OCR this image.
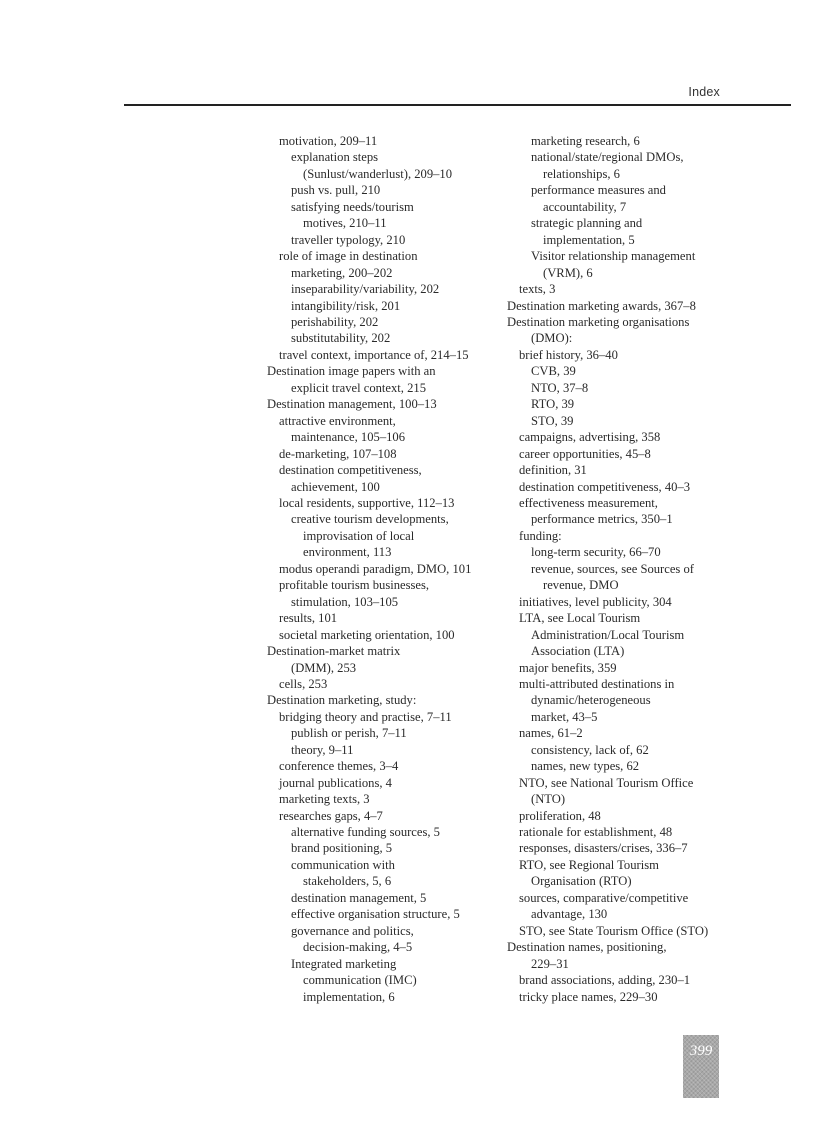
Index
motivation, 209–11
explanation steps
(Sunlust/wanderlust), 209–10
push vs. pull, 210
satisfying needs/tourism
motives, 210–11
traveller typology, 210
role of image in destination
marketing, 200–202
inseparability/variability, 202
intangibility/risk, 201
perishability, 202
substitutability, 202
travel context, importance of, 214–15
Destination image papers with an
explicit travel context, 215
Destination management, 100–13
attractive environment,
maintenance, 105–106
de-marketing, 107–108
destination competitiveness,
achievement, 100
local residents, supportive, 112–13
creative tourism developments,
improvisation of local
environment, 113
modus operandi paradigm, DMO, 101
profitable tourism businesses,
stimulation, 103–105
results, 101
societal marketing orientation, 100
Destination-market matrix
(DMM), 253
cells, 253
Destination marketing, study:
bridging theory and practise, 7–11
publish or perish, 7–11
theory, 9–11
conference themes, 3–4
journal publications, 4
marketing texts, 3
researches gaps, 4–7
alternative funding sources, 5
brand positioning, 5
communication with
stakeholders, 5, 6
destination management, 5
effective organisation structure, 5
governance and politics,
decision-making, 4–5
Integrated marketing
communication (IMC)
implementation, 6
marketing research, 6
national/state/regional DMOs,
relationships, 6
performance measures and
accountability, 7
strategic planning and
implementation, 5
Visitor relationship management
(VRM), 6
texts, 3
Destination marketing awards, 367–8
Destination marketing organisations
(DMO):
brief history, 36–40
CVB, 39
NTO, 37–8
RTO, 39
STO, 39
campaigns, advertising, 358
career opportunities, 45–8
definition, 31
destination competitiveness, 40–3
effectiveness measurement,
performance metrics, 350–1
funding:
long-term security, 66–70
revenue, sources, see Sources of
revenue, DMO
initiatives, level publicity, 304
LTA, see Local Tourism
Administration/Local Tourism
Association (LTA)
major benefits, 359
multi-attributed destinations in
dynamic/heterogeneous
market, 43–5
names, 61–2
consistency, lack of, 62
names, new types, 62
NTO, see National Tourism Office
(NTO)
proliferation, 48
rationale for establishment, 48
responses, disasters/crises, 336–7
RTO, see Regional Tourism
Organisation (RTO)
sources, comparative/competitive
advantage, 130
STO, see State Tourism Office (STO)
Destination names, positioning,
229–31
brand associations, adding, 230–1
tricky place names, 229–30
399
